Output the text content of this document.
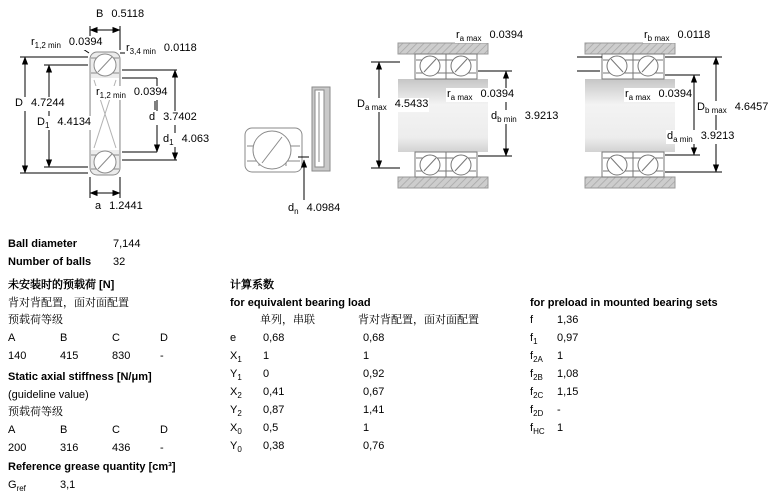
B 0.5118
$r_{1,2 min}$ 0.0394 $r_{3,4 min}$ 0.0118
D 4.7244
$D_1$ 4.4134
$r_{1,2 min}$ 0.0394
d 3.7402
$d_1$ 4.063
a 1.2441	$d_n$ 4.0984
$r_{a max}$ 0.0394
$D_{a max}$ 4.5433
$r_{a max}$ 0.0394
$d_{b min}$ 3.9213
$r_{b max}$ 0.0118
$r_{a max}$ 0.0394
$D_{b max}$ 4.6457
$d_{a min}$ 3.9213
Ball diameter	7,144
Number of balls 32
未安装时的预载荷 [N]
背对背配置，面对面配置
预载荷等级
A	B	C	D
140	415	830	-
Static axial stiffness [N/μm]
(guideline value)
预载荷等级
A	B	C	D
200	316	436	-
Reference grease quantity [cm³]
$G_{ref}$	3,1
计算系数
for equivalent bearing load
单列，串联	背对背配置，面对面配置
e 0,68	0,68
$X_1$ 1	1
$Y_1$ 0	0,92
$X_2$ 0,41	0,67
$Y_2$ 0,87	1,41
$X_0$ 0,5	1
$Y_0$ 0,38	0,76
for preload in mounted bearing sets
f 1,36
$f_1$ 0,97
$f_{2A}$ 1
$f_{2B}$ 1,08
$f_{2C}$ 1,15
$f_{2D}$ -
$f_{HC}$ 1
